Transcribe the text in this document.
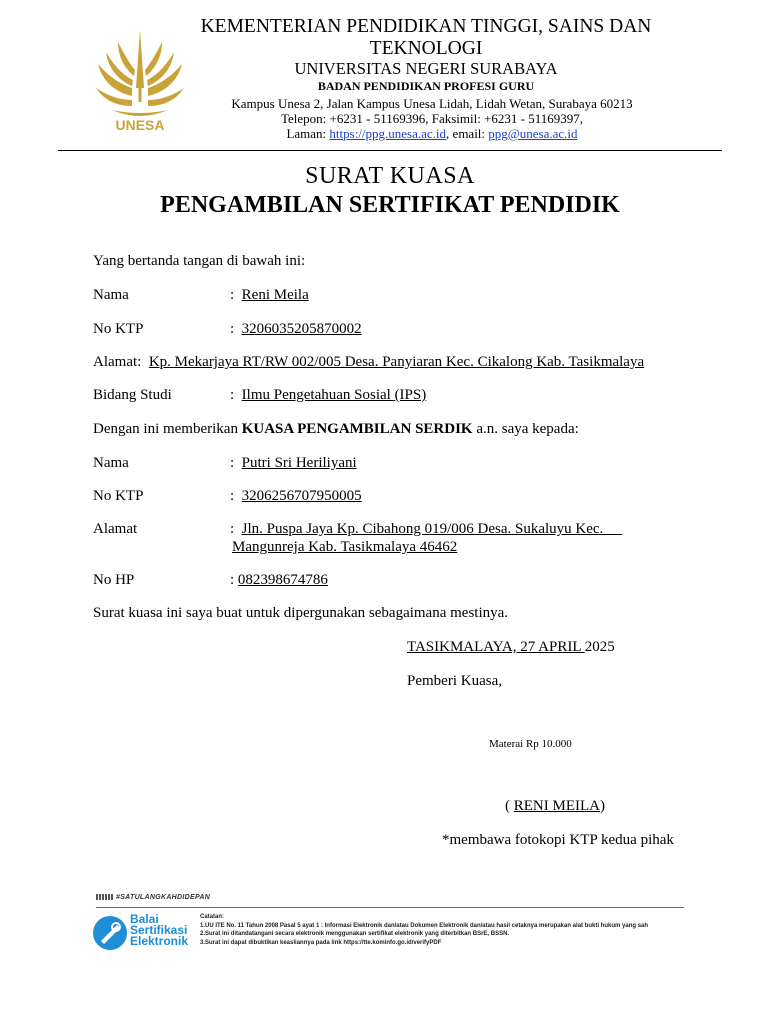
UNESA
KEMENTERIAN PENDIDIKAN TINGGI, SAINS DAN TEKNOLOGI
UNIVERSITAS NEGERI SURABAYA
BADAN PENDIDIKAN PROFESI GURU
Kampus Unesa 2, Jalan Kampus Unesa Lidah, Lidah Wetan, Surabaya 60213
Telepon: +6231 - 51169396, Faksimil: +6231 - 51169397,
Laman: https://ppg.unesa.ac.id, email: ppg@unesa.ac.id
SURAT KUASA
PENGAMBILAN SERTIFIKAT PENDIDIK
Yang bertanda tangan di bawah ini:
Nama	: Reni Meila
No KTP	: 3206035205870002
Alamat: Kp. Mekarjaya RT/RW 002/005 Desa. Panyiaran Kec. Cikalong Kab. Tasikmalaya
Bidang Studi	: Ilmu Pengetahuan Sosial (IPS)
Dengan ini memberikan KUASA PENGAMBILAN SERDIK a.n. saya kepada:
Nama	: Putri Sri Heriliyani
No KTP	: 3206256707950005
Alamat	: Jln. Puspa Jaya Kp. Cibahong 019/006 Desa. Sukaluyu Kec.
Mangunreja Kab. Tasikmalaya 46462
No HP	: 082398674786
Surat kuasa ini saya buat untuk dipergunakan sebagaimana mestinya.
TASIKMALAYA, 27 APRIL 2025
Pemberi Kuasa,
Materai Rp 10.000
( RENI MEILA)
*membawa fotokopi KTP kedua pihak
#SATULANGKAHDIDEPAN
Balai
Sertifikasi
Elektronik
Catatan:
1.UU ITE No. 11 Tahun 2008 Pasal 5 ayat 1 : Informasi Elektronik dan/atau Dokumen Elektronik dan/atau hasil cetaknya merupakan alat bukti hukum yang sah
2.Surat ini ditandatangani secara elektronik menggunakan sertifikat elektronik yang diterbitkan BSrE, BSSN.
3.Surat ini dapat dibuktikan keasliannya pada link https://tte.kominfo.go.id/verifyPDF
